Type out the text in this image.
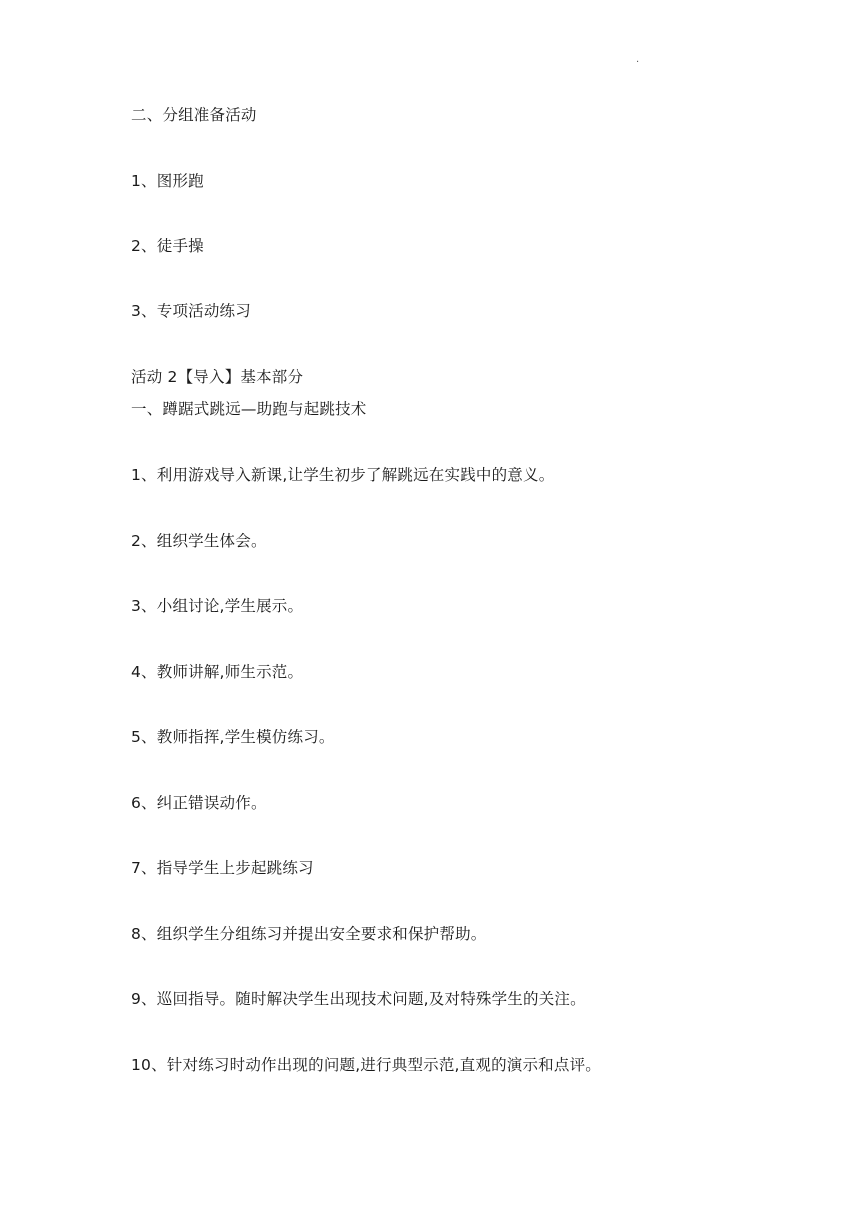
.
二、分组准备活动
1、图形跑
2、徒手操
3、专项活动练习
活动 2【导入】基本部分
一、蹲踞式跳远—助跑与起跳技术
1、利用游戏导入新课,让学生初步了解跳远在实践中的意义。
2、组织学生体会。
3、小组讨论,学生展示。
4、教师讲解,师生示范。
5、教师指挥,学生模仿练习。
6、纠正错误动作。
7、指导学生上步起跳练习
8、组织学生分组练习并提出安全要求和保护帮助。
9、巡回指导。随时解决学生出现技术问题,及对特殊学生的关注。
10、针对练习时动作出现的问题,进行典型示范,直观的演示和点评。
